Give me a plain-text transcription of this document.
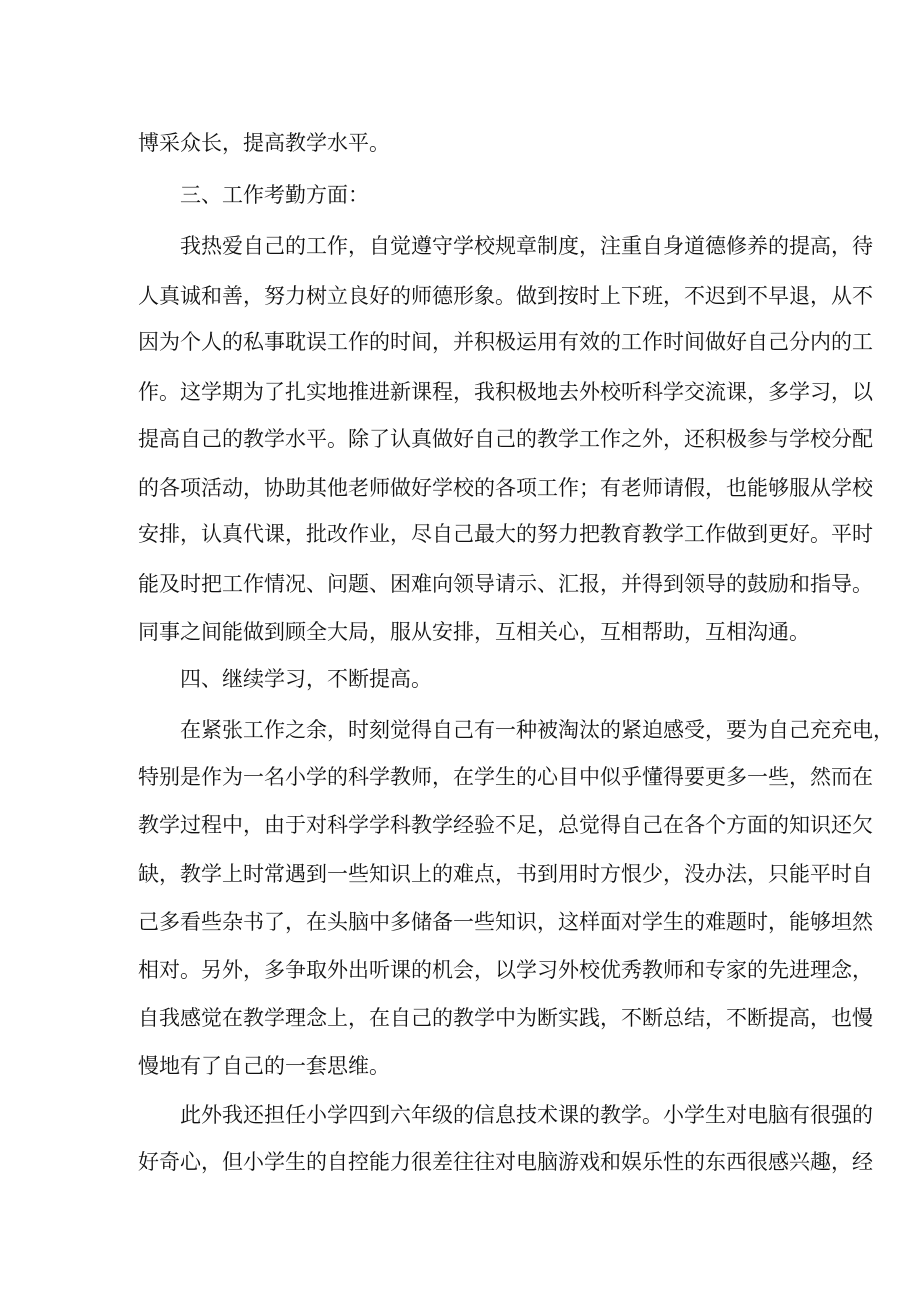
博采众长，提高教学水平。

三、工作考勤方面：

我热爱自己的工作，自觉遵守学校规章制度，注重自身道德修养的提高，待

人真诚和善，努力树立良好的师德形象。做到按时上下班，不迟到不早退，从不

因为个人的私事耽误工作的时间，并积极运用有效的工作时间做好自己分内的工

作。这学期为了扎实地推进新课程，我积极地去外校听科学交流课，多学习，以

提高自己的教学水平。除了认真做好自己的教学工作之外，还积极参与学校分配

的各项活动，协助其他老师做好学校的各项工作；有老师请假，也能够服从学校

安排，认真代课，批改作业，尽自己最大的努力把教育教学工作做到更好。平时

能及时把工作情况、问题、困难向领导请示、汇报，并得到领导的鼓励和指导。

同事之间能做到顾全大局，服从安排，互相关心，互相帮助，互相沟通。

四、继续学习，不断提高。

在紧张工作之余，时刻觉得自己有一种被淘汰的紧迫感受，要为自己充充电，

特别是作为一名小学的科学教师，在学生的心目中似乎懂得要更多一些，然而在

教学过程中，由于对科学学科教学经验不足，总觉得自己在各个方面的知识还欠

缺，教学上时常遇到一些知识上的难点，书到用时方恨少，没办法，只能平时自

己多看些杂书了，在头脑中多储备一些知识，这样面对学生的难题时，能够坦然

相对。另外，多争取外出听课的机会，以学习外校优秀教师和专家的先进理念，

自我感觉在教学理念上，在自己的教学中为断实践，不断总结，不断提高，也慢

慢地有了自己的一套思维。

此外我还担任小学四到六年级的信息技术课的教学。小学生对电脑有很强的

好奇心，但小学生的自控能力很差往往对电脑游戏和娱乐性的东西很感兴趣，经
